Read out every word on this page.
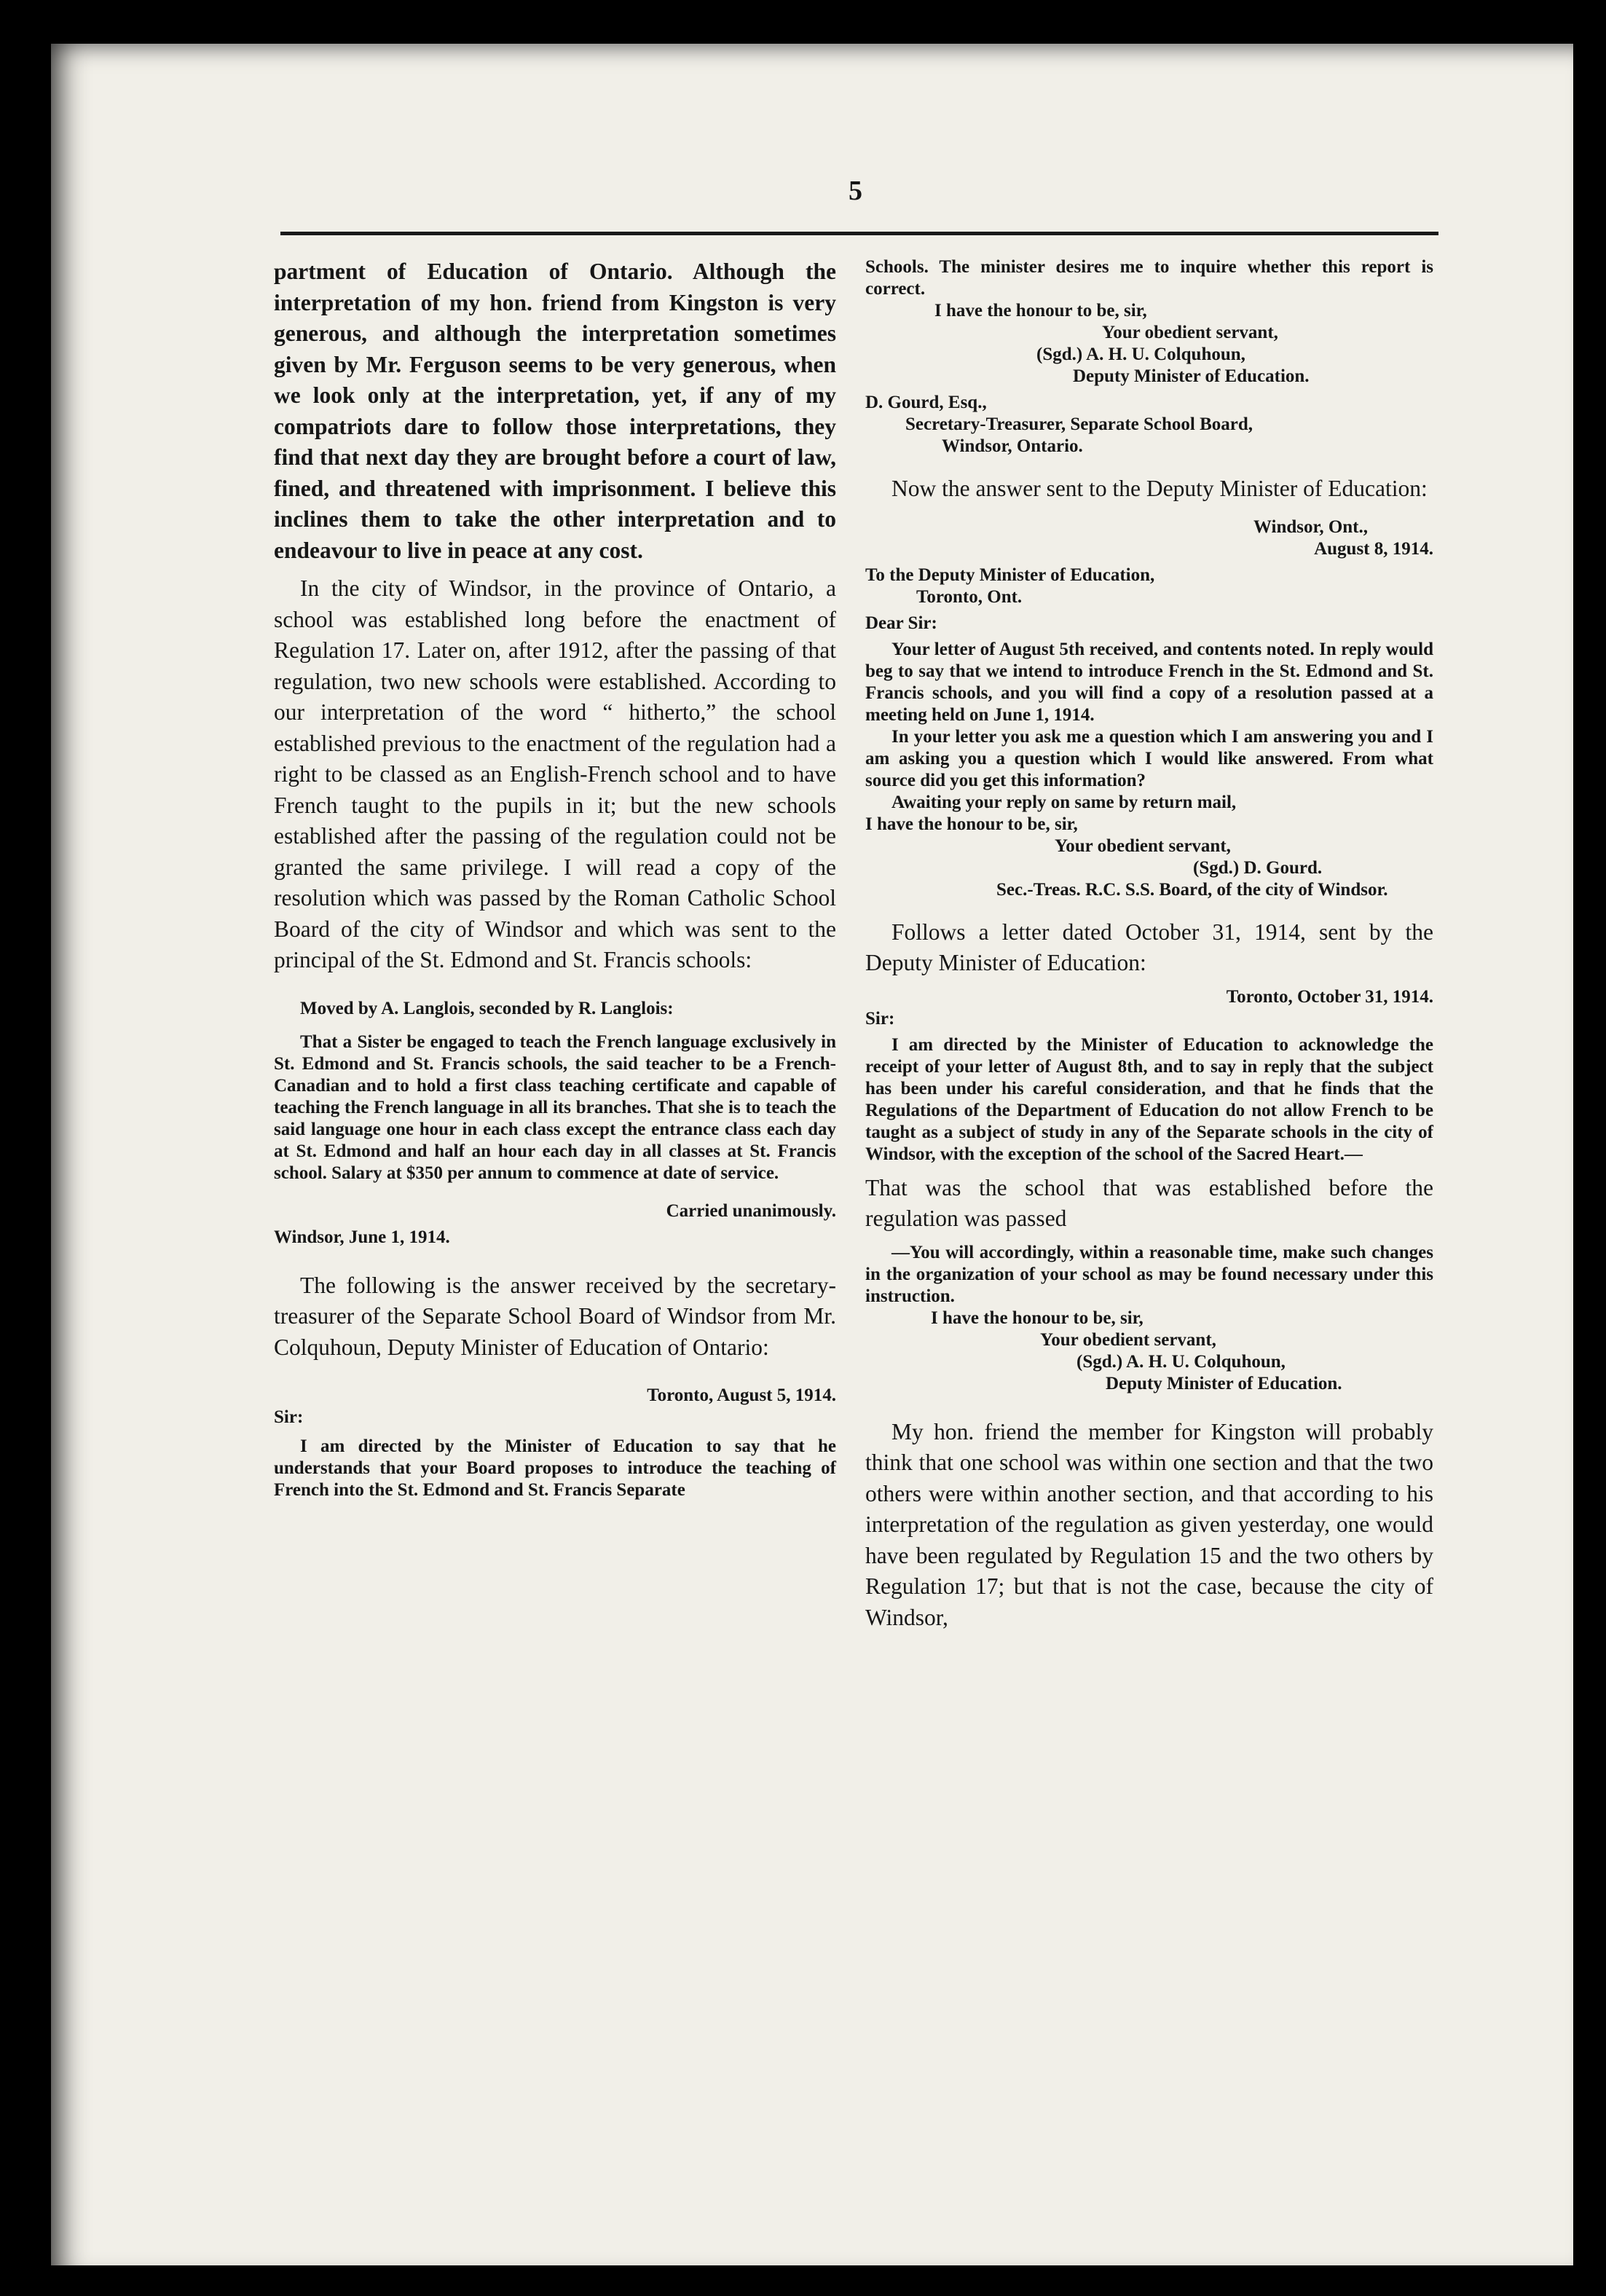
5

partment of Education of Ontario. Although the interpretation of my hon. friend from Kingston is very generous, and although the interpretation sometimes given by Mr. Ferguson seems to be very generous, when we look only at the interpretation, yet, if any of my compatriots dare to follow those interpretations, they find that next day they are brought before a court of law, fined, and threatened with imprisonment. I believe this inclines them to take the other interpretation and to endeavour to live in peace at any cost.

In the city of Windsor, in the province of Ontario, a school was established long before the enactment of Regulation 17. Later on, after 1912, after the passing of that regulation, two new schools were established. According to our interpretation of the word “ hitherto,” the school established previous to the enactment of the regulation had a right to be classed as an English-French school and to have French taught to the pupils in it; but the new schools established after the passing of the regulation could not be granted the same privilege. I will read a copy of the resolution which was passed by the Roman Catholic School Board of the city of Windsor and which was sent to the principal of the St. Edmond and St. Francis schools:

Moved by A. Langlois, seconded by R. Langlois:

That a Sister be engaged to teach the French language exclusively in St. Edmond and St. Francis schools, the said teacher to be a French-Canadian and to hold a first class teaching certificate and capable of teaching the French language in all its branches. That she is to teach the said language one hour in each class except the entrance class each day at St. Edmond and half an hour each day in all classes at St. Francis school. Salary at $350 per annum to commence at date of service.

Carried unanimously.

Windsor, June 1, 1914.

The following is the answer received by the secretary-treasurer of the Separate School Board of Windsor from Mr. Colquhoun, Deputy Minister of Education of Ontario:

Toronto, August 5, 1914.

Sir:

I am directed by the Minister of Education to say that he understands that your Board proposes to introduce the teaching of French into the St. Edmond and St. Francis Separate

Schools. The minister desires me to inquire whether this report is correct.

I have the honour to be, sir,

Your obedient servant,

(Sgd.) A. H. U. Colquhoun,

Deputy Minister of Education.

D. Gourd, Esq.,

Secretary-Treasurer, Separate School Board,

Windsor, Ontario.

Now the answer sent to the Deputy Minister of Education:

Windsor, Ont.,

August 8, 1914.

To the Deputy Minister of Education,

Toronto, Ont.

Dear Sir:

Your letter of August 5th received, and contents noted. In reply would beg to say that we intend to introduce French in the St. Edmond and St. Francis schools, and you will find a copy of a resolution passed at a meeting held on June 1, 1914.

In your letter you ask me a question which I am answering you and I am asking you a question which I would like answered. From what source did you get this information?

Awaiting your reply on same by return mail,

I have the honour to be, sir,

Your obedient servant,

(Sgd.) D. Gourd.

Sec.-Treas. R.C. S.S. Board, of the city of Windsor.

Follows a letter dated October 31, 1914, sent by the Deputy Minister of Education:

Toronto, October 31, 1914.

Sir:

I am directed by the Minister of Education to acknowledge the receipt of your letter of August 8th, and to say in reply that the subject has been under his careful consideration, and that he finds that the Regulations of the Department of Education do not allow French to be taught as a subject of study in any of the Separate schools in the city of Windsor, with the exception of the school of the Sacred Heart.—

That was the school that was established before the regulation was passed

—You will accordingly, within a reasonable time, make such changes in the organization of your school as may be found necessary under this instruction.

I have the honour to be, sir,

Your obedient servant,

(Sgd.) A. H. U. Colquhoun,

Deputy Minister of Education.

My hon. friend the member for Kingston will probably think that one school was within one section and that the two others were within another section, and that according to his interpretation of the regulation as given yesterday, one would have been regulated by Regulation 15 and the two others by Regulation 17; but that is not the case, because the city of Windsor,
